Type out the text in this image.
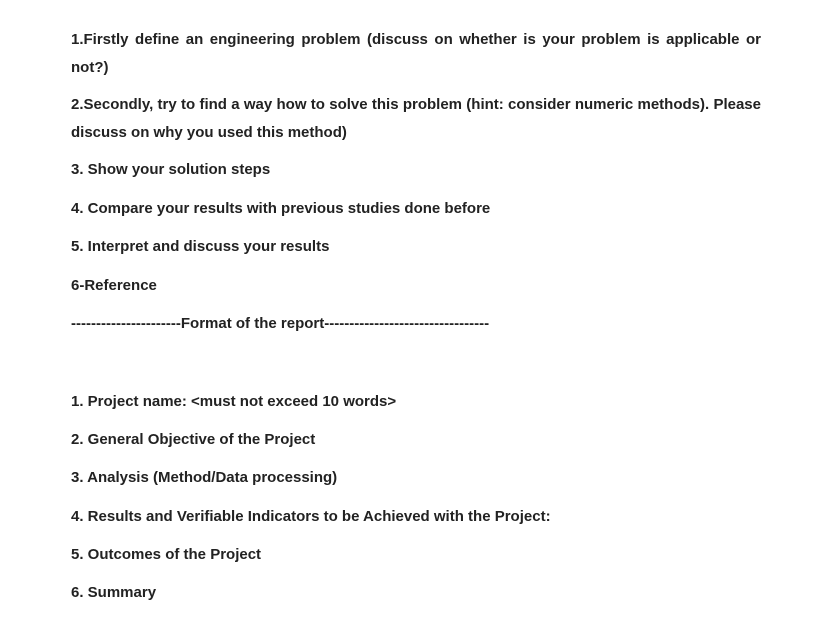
1.Firstly define an engineering problem (discuss on whether is your problem is applicable or not?)
2.Secondly, try to find a way how to solve this problem (hint: consider numeric methods). Please discuss on why you used this method)
3. Show your solution steps
4. Compare your results with previous studies done before
5. Interpret and discuss your results
6-Reference
----------------------Format of the report---------------------------------
1. Project name: <must not exceed 10 words>
2. General Objective of the Project
3. Analysis (Method/Data processing)
4. Results and Verifiable Indicators to be Achieved with the Project:
5. Outcomes of the Project
6. Summary
